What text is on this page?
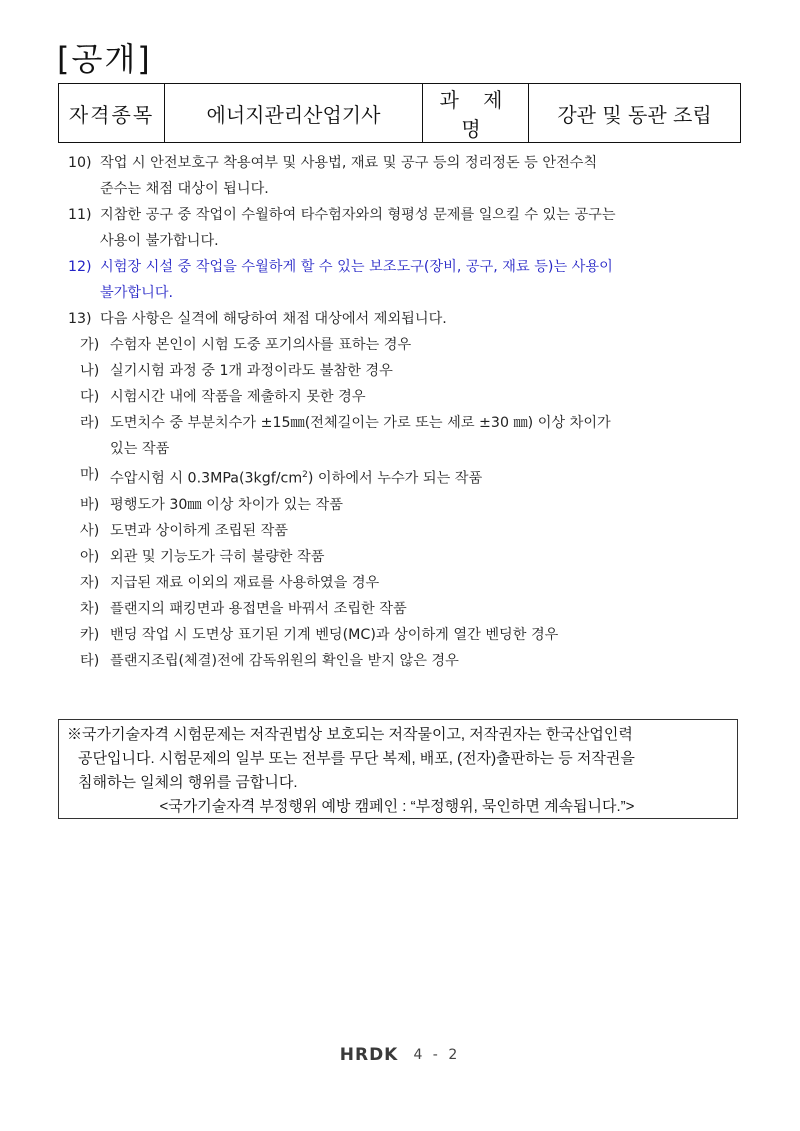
[공개]
자격종목	에너지관리산업기사	과 제 명	강관 및 동관 조립
10) 작업 시 안전보호구 착용여부 및 사용법, 재료 및 공구 등의 정리정돈 등 안전수칙
준수는 채점 대상이 됩니다.
11) 지참한 공구 중 작업이 수월하여 타수험자와의 형평성 문제를 일으킬 수 있는 공구는
사용이 불가합니다.
12) 시험장 시설 중 작업을 수월하게 할 수 있는 보조도구(장비, 공구, 재료 등)는 사용이
불가합니다.
13) 다음 사항은 실격에 해당하여 채점 대상에서 제외됩니다.
가) 수험자 본인이 시험 도중 포기의사를 표하는 경우
나) 실기시험 과정 중 1개 과정이라도 불참한 경우
다) 시험시간 내에 작품을 제출하지 못한 경우
라) 도면치수 중 부분치수가 ±15㎜(전체길이는 가로 또는 세로 ±30 ㎜) 이상 차이가
있는 작품
마) 수압시험 시 $0.3MPa(3kgf/cm^2)$ 이하에서 누수가 되는 작품
바) 평행도가 30㎜ 이상 차이가 있는 작품
사) 도면과 상이하게 조립된 작품
아) 외관 및 기능도가 극히 불량한 작품
자) 지급된 재료 이외의 재료를 사용하였을 경우
차) 플랜지의 패킹면과 용접면을 바꿔서 조립한 작품
카) 밴딩 작업 시 도면상 표기된 기계 벤딩(MC)과 상이하게 열간 벤딩한 경우
타) 플랜지조립(체결)전에 감독위원의 확인을 받지 않은 경우
※국가기술자격 시험문제는 저작권법상 보호되는 저작물이고, 저작권자는 한국산업인력
공단입니다. 시험문제의 일부 또는 전부를 무단 복제, 배포, (전자)출판하는 등 저작권을
침해하는 일체의 행위를 금합니다.
<국가기술자격 부정행위 예방 캠페인 : “부정행위, 묵인하면 계속됩니다.”>
HRDK 4 - 2
